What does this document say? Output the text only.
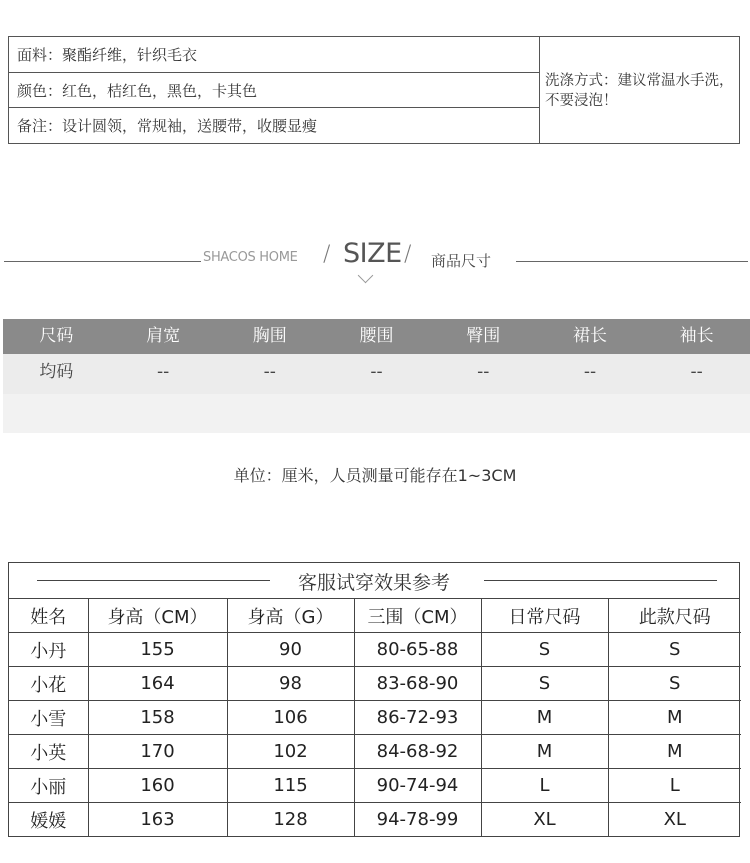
面料：聚酯纤维，针织毛衣
颜色：红色，桔红色，黑色，卡其色
备注：设计圆领，常规袖，送腰带，收腰显瘦
洗涤方式：建议常温水手洗，不要浸泡！
SHACOS HOME / SIZE / 商品尺寸
尺码	肩宽	胸围	腰围	臀围	裙长	袖长
均码	--	--	--	--	--	--
单位：厘米，人员测量可能存在1~3CM
客服试穿效果参考
姓名	身高（CM）	身高（G）	三围（CM）	日常尺码	此款尺码
小丹	155	90	80-65-88	S	S
小花	164	98	83-68-90	S	S
小雪	158	106	86-72-93	M	M
小英	170	102	84-68-92	M	M
小丽	160	115	90-74-94	L	L
媛媛	163	128	94-78-99	XL	XL
